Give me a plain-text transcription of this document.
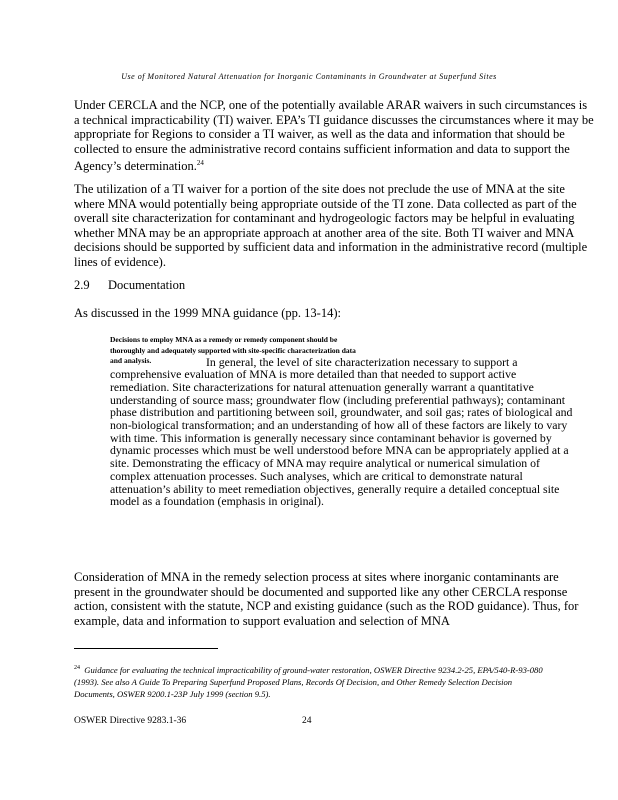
Use of Monitored Natural Attenuation for Inorganic Contaminants in Groundwater at Superfund Sites

Under CERCLA and the NCP, one of the potentially available ARAR waivers in such circumstances is a technical impracticability (TI) waiver. EPA’s TI guidance discusses the circumstances where it may be appropriate for Regions to consider a TI waiver, as well as the data and information that should be collected to ensure the administrative record contains sufficient information and data to support the Agency’s determination.$^{24}$

The utilization of a TI waiver for a portion of the site does not preclude the use of MNA at the site where MNA would potentially being appropriate outside of the TI zone. Data collected as part of the overall site characterization for contaminant and hydrogeologic factors may be helpful in evaluating whether MNA may be an appropriate approach at another area of the site. Both TI waiver and MNA decisions should be supported by sufficient data and information in the administrative record (multiple lines of evidence).

2.9 Documentation

As discussed in the 1999 MNA guidance (pp. 13-14):

Decisions to employ MNA as a remedy or remedy component should be
thoroughly and adequately supported with site-specific characterization data
and analysis.	In general, the level of site characterization necessary to support a comprehensive evaluation of MNA is more detailed than that needed to support active remediation. Site characterizations for natural attenuation generally warrant a quantitative understanding of source mass; groundwater flow (including preferential pathways); contaminant phase distribution and partitioning between soil, groundwater, and soil gas; rates of biological and non-biological transformation; and an understanding of how all of these factors are likely to vary with time. This information is generally necessary since contaminant behavior is governed by dynamic processes which must be well understood before MNA can be appropriately applied at a site. Demonstrating the efficacy of MNA may require analytical or numerical simulation of complex attenuation processes. Such analyses, which are critical to demonstrate natural attenuation’s ability to meet remediation objectives, generally require a detailed conceptual site model as a foundation (emphasis in original).

Consideration of MNA in the remedy selection process at sites where inorganic contaminants are present in the groundwater should be documented and supported like any other CERCLA response action, consistent with the statute, NCP and existing guidance (such as the ROD guidance). Thus, for example, data and information to support evaluation and selection of MNA

$^{24}$ Guidance for evaluating the technical impracticability of ground-water restoration, OSWER Directive 9234.2-25, EPA/540-R-93-080 (1993). See also A Guide To Preparing Superfund Proposed Plans, Records Of Decision, and Other Remedy Selection Decision Documents, OSWER 9200.1-23P July 1999 (section 9.5).

OSWER Directive 9283.1-36	24
